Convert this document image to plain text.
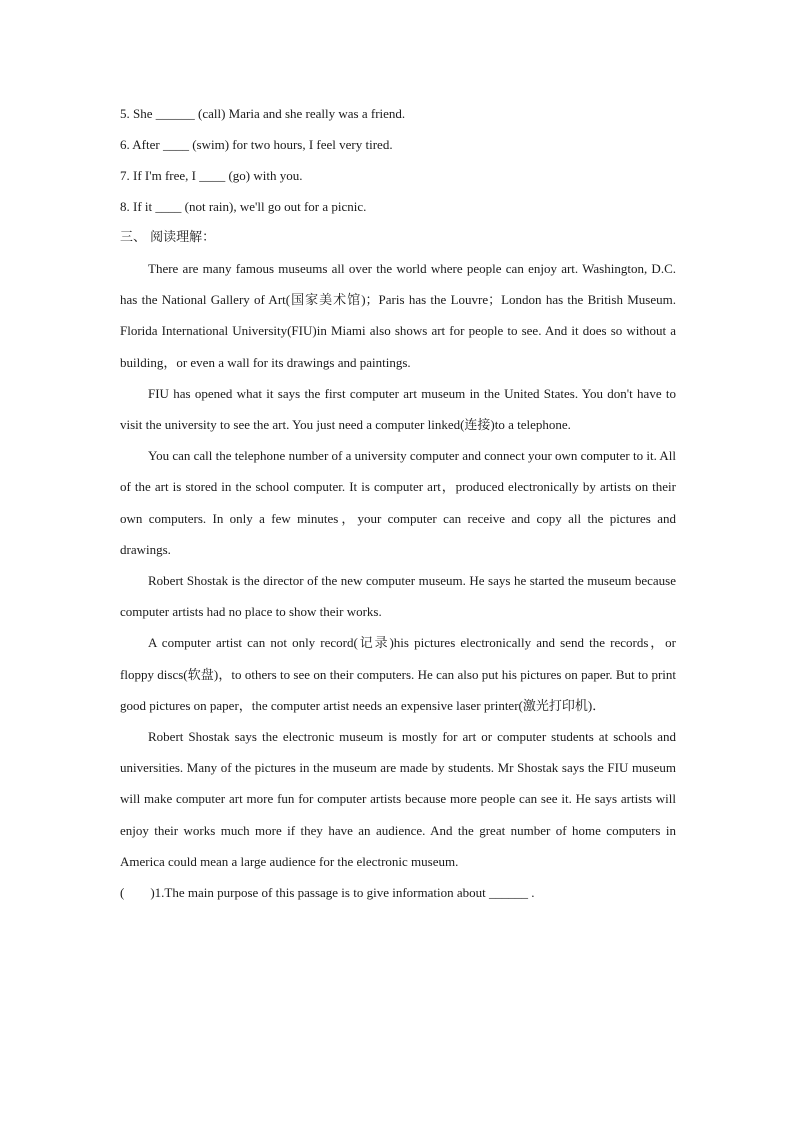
5. She ______ (call) Maria and she really was a friend.

6. After ____ (swim) for two hours, I feel very tired.

7. If I'm free, I ____ (go) with you.

8. If it ____ (not rain), we'll go out for a picnic.

三、 阅读理解：

There are many famous museums all over the world where people can enjoy art. Washington, D.C. has the National Gallery of Art(国家美术馆)；Paris has the Louvre；London has the British Museum. Florida International University(FIU)in Miami also shows art for people to see. And it does so without a building，or even a wall for its drawings and paintings.

FIU has opened what it says the first computer art museum in the United States. You don't have to visit the university to see the art. You just need a computer linked(连接)to a telephone.

You can call the telephone number of a university computer and connect your own computer to it. All of the art is stored in the school computer. It is computer art，produced electronically by artists on their own computers. In only a few minutes，your computer can receive and copy all the pictures and drawings.

Robert Shostak is the director of the new computer museum. He says he started the museum because computer artists had no place to show their works.

A computer artist can not only record(记录)his pictures electronically and send the records，or floppy discs(软盘)，to others to see on their computers. He can also put his pictures on paper. But to print good pictures on paper，the computer artist needs an expensive laser printer(激光打印机)．

Robert Shostak says the electronic museum is mostly for art or computer students at schools and universities. Many of the pictures in the museum are made by students. Mr Shostak says the FIU museum will make computer art more fun for computer artists because more people can see it. He says artists will enjoy their works much more if they have an audience. And the great number of home computers in America could mean a large audience for the electronic museum.

(　　)1.The main purpose of this passage is to give information about ______ .
